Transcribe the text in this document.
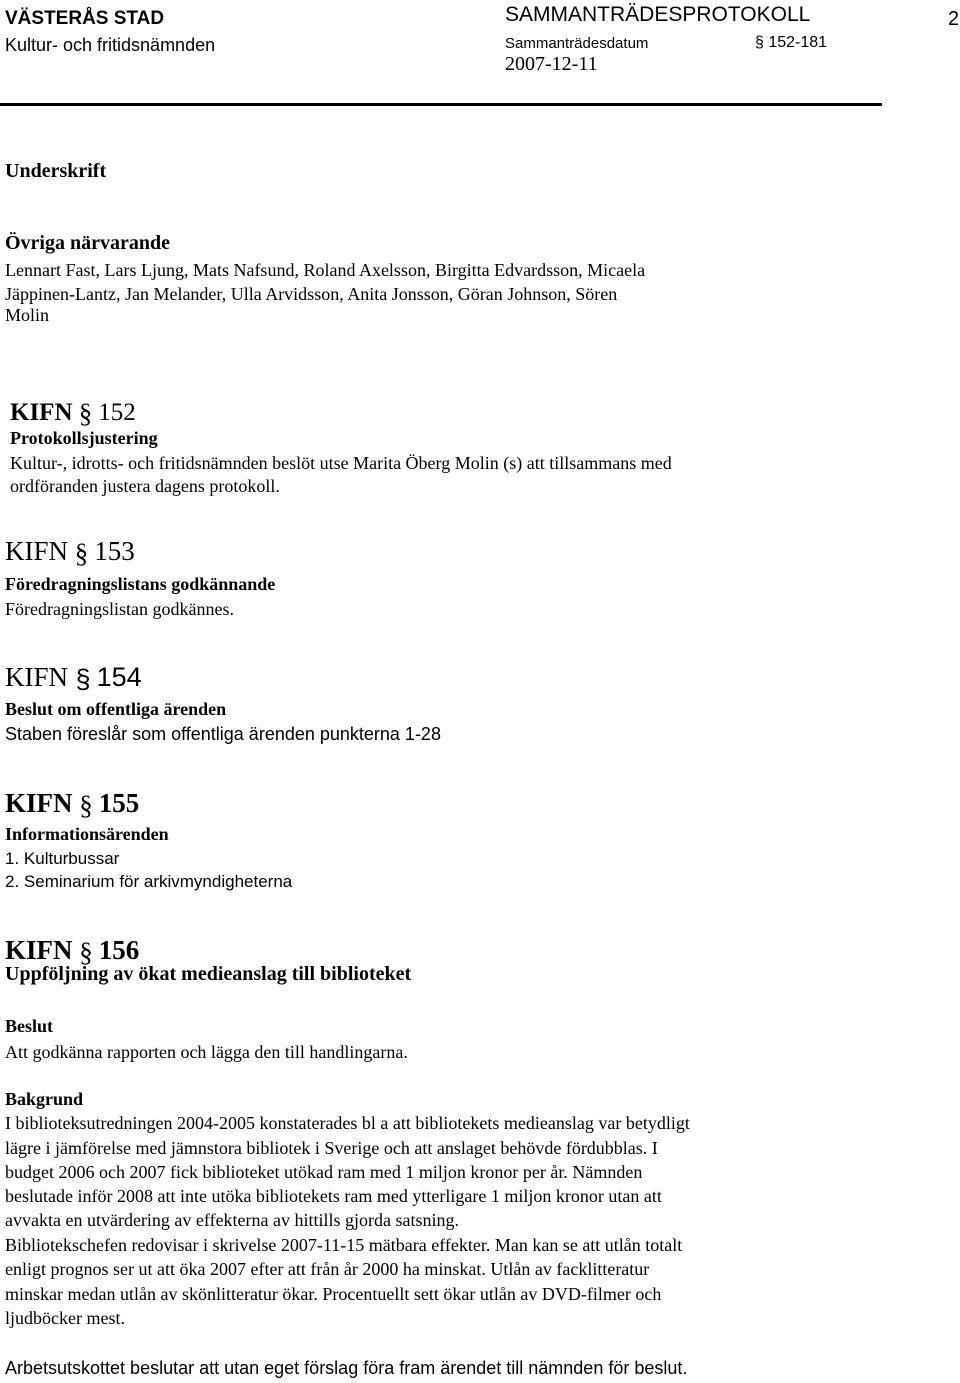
VÄSTERÅS STAD
Kultur- och fritidsnämnden
SAMMANTRÄDESPROTOKOLL	2
Sammanträdesdatum	§ 152-181
2007-12-11
Underskrift
Övriga närvarande
Lennart Fast, Lars Ljung, Mats Nafsund, Roland Axelsson, Birgitta Edvardsson, Micaela
Jäppinen-Lantz, Jan Melander, Ulla Arvidsson, Anita Jonsson, Göran Johnson, Sören
Molin
KIFN § 152
Protokollsjustering
Kultur-, idrotts- och fritidsnämnden beslöt utse Marita Öberg Molin (s) att tillsammans med
ordföranden justera dagens protokoll.
KIFN § 153
Föredragningslistans godkännande
Föredragningslistan godkännes.
KIFN § 154
Beslut om offentliga ärenden
Staben föreslår som offentliga ärenden punkterna 1-28
KIFN § 155
Informationsärenden
1. Kulturbussar
2. Seminarium för arkivmyndigheterna
KIFN § 156
Uppföljning av ökat medieanslag till biblioteket
Beslut
Att godkänna rapporten och lägga den till handlingarna.
Bakgrund
I biblioteksutredningen 2004-2005 konstaterades bl a att bibliotekets medieanslag var betydligt
lägre i jämförelse med jämnstora bibliotek i Sverige och att anslaget behövde fördubblas. I
budget 2006 och 2007 fick biblioteket utökad ram med 1 miljon kronor per år. Nämnden
beslutade inför 2008 att inte utöka bibliotekets ram med ytterligare 1 miljon kronor utan att
avvakta en utvärdering av effekterna av hittills gjorda satsning.
Bibliotekschefen redovisar i skrivelse 2007-11-15 mätbara effekter. Man kan se att utlån totalt
enligt prognos ser ut att öka 2007 efter att från år 2000 ha minskat. Utlån av facklitteratur
minskar medan utlån av skönlitteratur ökar. Procentuellt sett ökar utlån av DVD-filmer och
ljudböcker mest.
Arbetsutskottet beslutar att utan eget förslag föra fram ärendet till nämnden för beslut.
